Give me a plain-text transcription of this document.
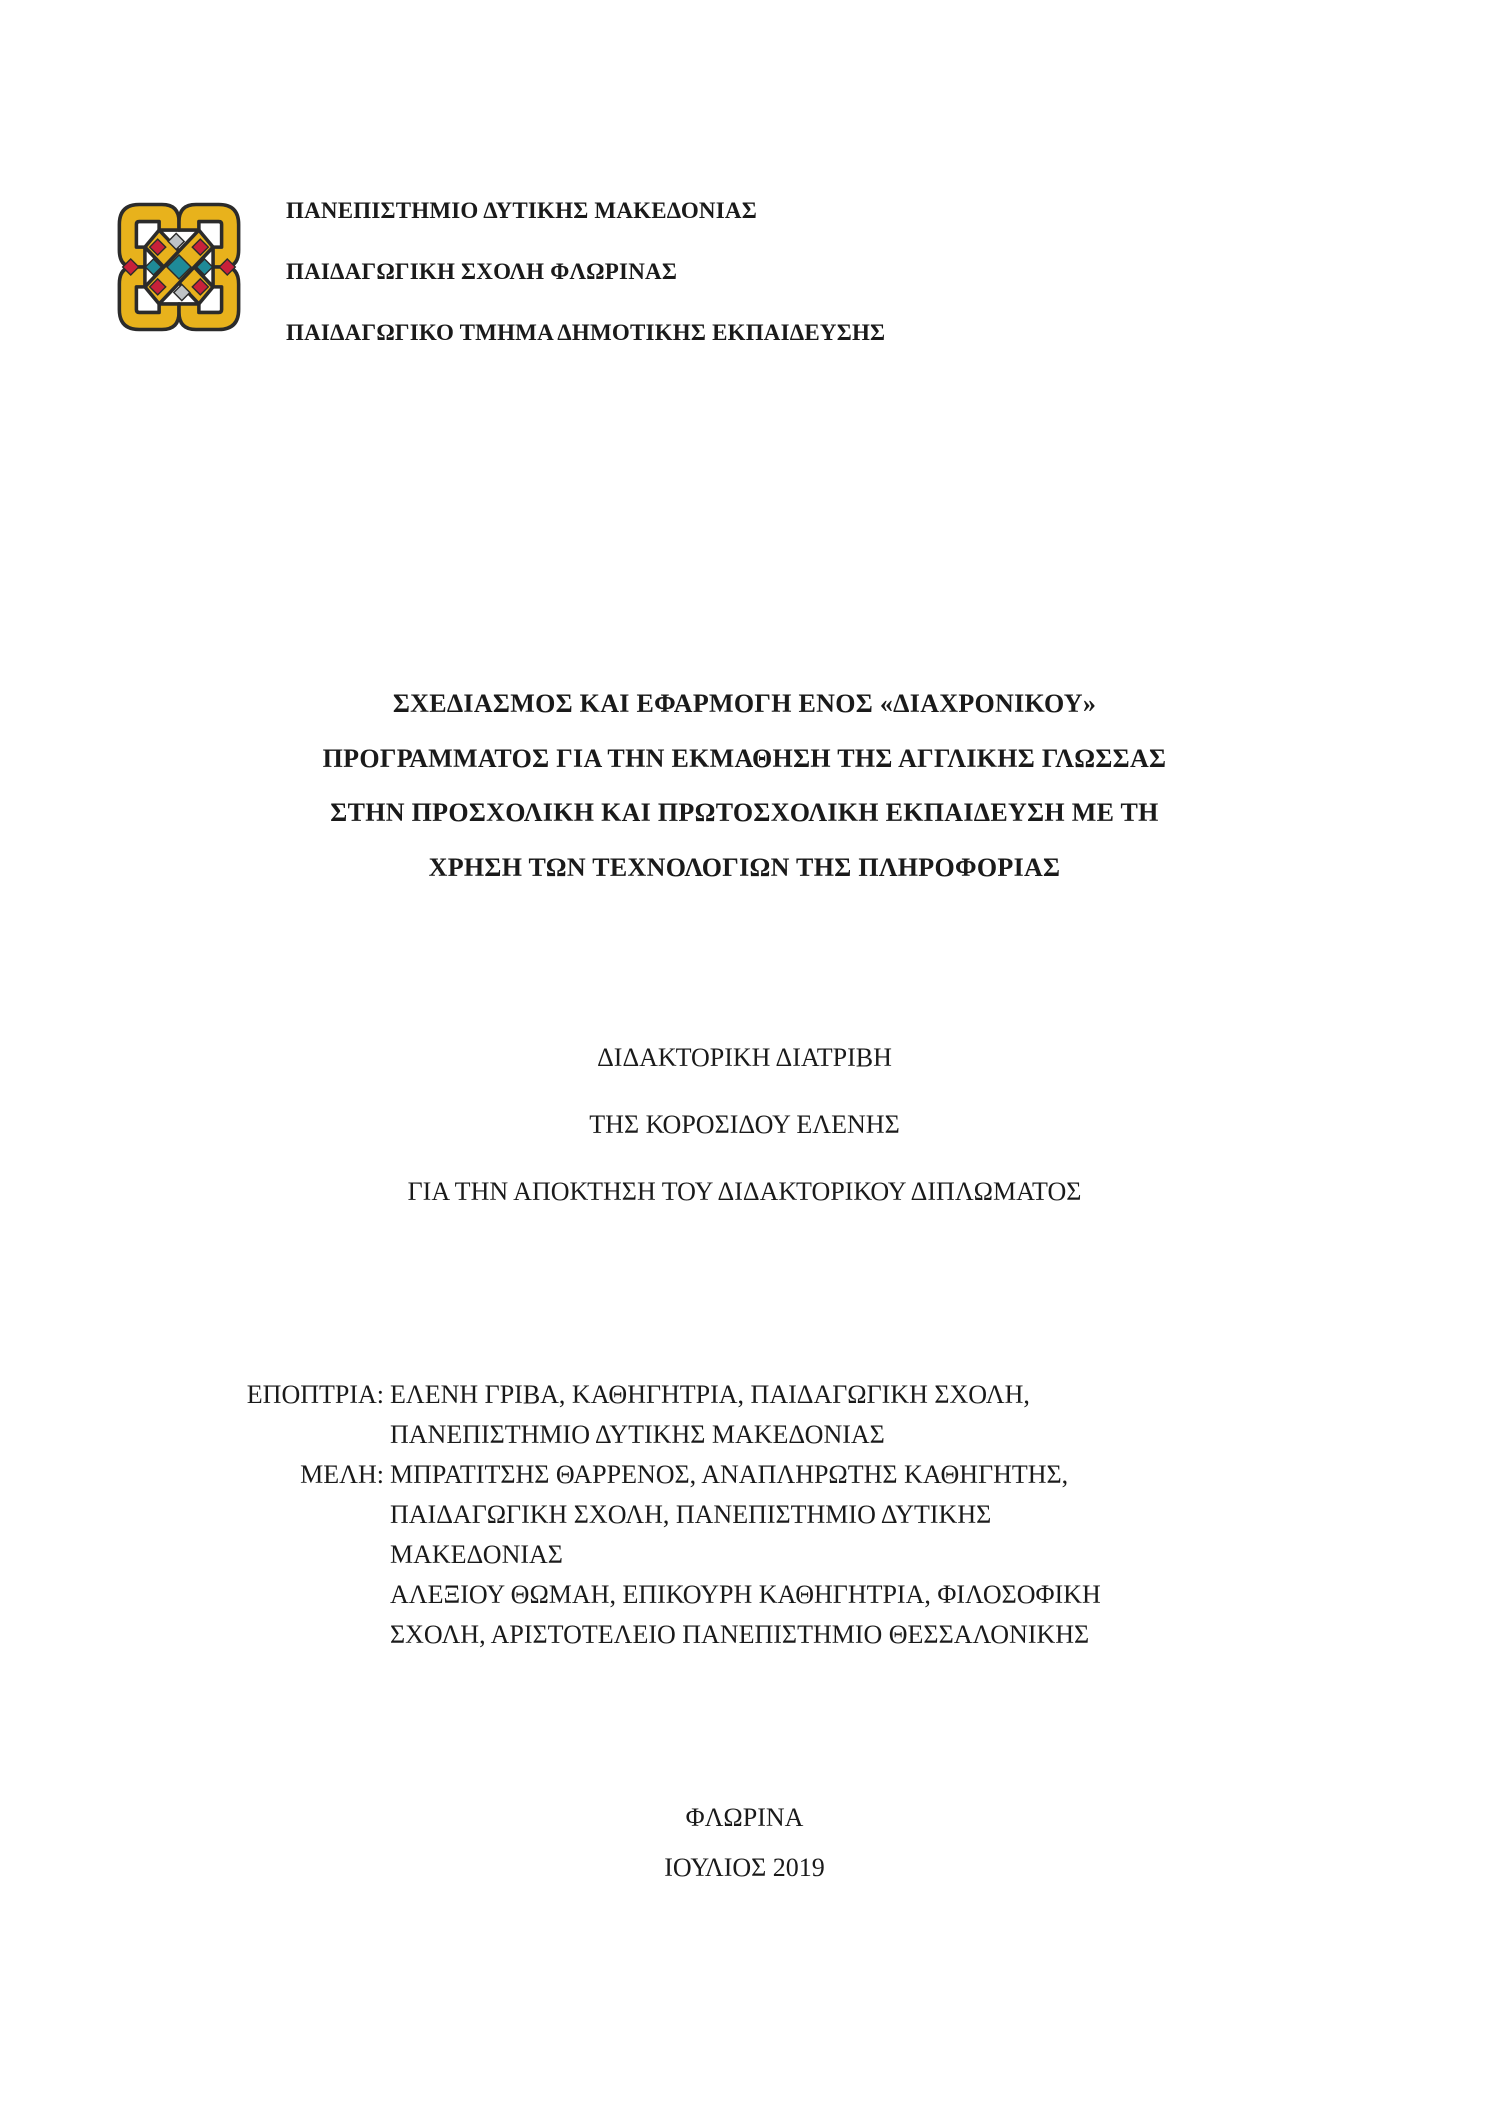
ΠΑΝΕΠΙΣΤΗΜΙΟ ΔΥΤΙΚΗΣ ΜΑΚΕΔΟΝΙΑΣ
ΠΑΙΔΑΓΩΓΙΚΗ ΣΧΟΛΗ ΦΛΩΡΙΝΑΣ
ΠΑΙΔΑΓΩΓΙΚΟ ΤΜΗΜΑ ΔΗΜΟΤΙΚΗΣ ΕΚΠΑΙΔΕΥΣΗΣ
ΣΧΕΔΙΑΣΜΟΣ ΚΑΙ ΕΦΑΡΜΟΓΗ ΕΝΟΣ «ΔΙΑΧΡΟΝΙΚΟΥ»
ΠΡΟΓΡΑΜΜΑΤΟΣ ΓΙΑ ΤΗΝ ΕΚΜΑΘΗΣΗ ΤΗΣ ΑΓΓΛΙΚΗΣ ΓΛΩΣΣΑΣ
ΣΤΗΝ ΠΡΟΣΧΟΛΙΚΗ ΚΑΙ ΠΡΩΤΟΣΧΟΛΙΚΗ ΕΚΠΑΙΔΕΥΣΗ ΜΕ ΤΗ
ΧΡΗΣΗ ΤΩΝ ΤΕΧΝΟΛΟΓΙΩΝ ΤΗΣ ΠΛΗΡΟΦΟΡΙΑΣ
ΔΙΔΑΚΤΟΡΙΚΗ ΔΙΑΤΡΙΒΗ
ΤΗΣ ΚΟΡΟΣΙΔΟΥ ΕΛΕΝΗΣ
ΓΙΑ ΤΗΝ ΑΠΟΚΤΗΣΗ ΤΟΥ ΔΙΔΑΚΤΟΡΙΚΟΥ ΔΙΠΛΩΜΑΤΟΣ
ΕΠΟΠΤΡΙΑ: ΕΛΕΝΗ ΓΡΙΒΑ, ΚΑΘΗΓΗΤΡΙΑ, ΠΑΙΔΑΓΩΓΙΚΗ ΣΧΟΛΗ,
ΠΑΝΕΠΙΣΤΗΜΙΟ ΔΥΤΙΚΗΣ ΜΑΚΕΔΟΝΙΑΣ
ΜΕΛΗ: ΜΠΡΑΤΙΤΣΗΣ ΘΑΡΡΕΝΟΣ, ΑΝΑΠΛΗΡΩΤΗΣ ΚΑΘΗΓΗΤΗΣ,
ΠΑΙΔΑΓΩΓΙΚΗ ΣΧΟΛΗ, ΠΑΝΕΠΙΣΤΗΜΙΟ ΔΥΤΙΚΗΣ
ΜΑΚΕΔΟΝΙΑΣ
ΑΛΕΞΙΟΥ ΘΩΜΑΗ, ΕΠΙΚΟΥΡΗ ΚΑΘΗΓΗΤΡΙΑ, ΦΙΛΟΣΟΦΙΚΗ
ΣΧΟΛΗ, ΑΡΙΣΤΟΤΕΛΕΙΟ ΠΑΝΕΠΙΣΤΗΜΙΟ ΘΕΣΣΑΛΟΝΙΚΗΣ
ΦΛΩΡΙΝΑ
ΙΟΥΛΙΟΣ 2019
